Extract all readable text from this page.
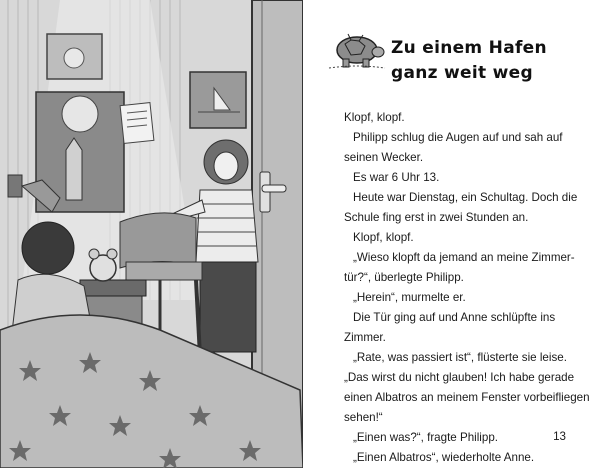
Zu einem Hafen
ganz weit weg
Klopf, klopf.
Philipp schlug die Augen auf und sah auf
seinen Wecker.
Es war 6 Uhr 13.
Heute war Dienstag, ein Schultag. Doch die
Schule fing erst in zwei Stunden an.
Klopf, klopf.
„Wieso klopft da jemand an meine Zimmer-
tür?“, überlegte Philipp.
„Herein“, murmelte er.
Die Tür ging auf und Anne schlüpfte ins
Zimmer.
„Rate, was passiert ist“, flüsterte sie leise.
„Das wirst du nicht glauben! Ich habe gerade
einen Albatros an meinem Fenster vorbeifliegen
sehen!“
„Einen was?“, fragte Philipp.
„Einen Albatros“, wiederholte Anne.
13
